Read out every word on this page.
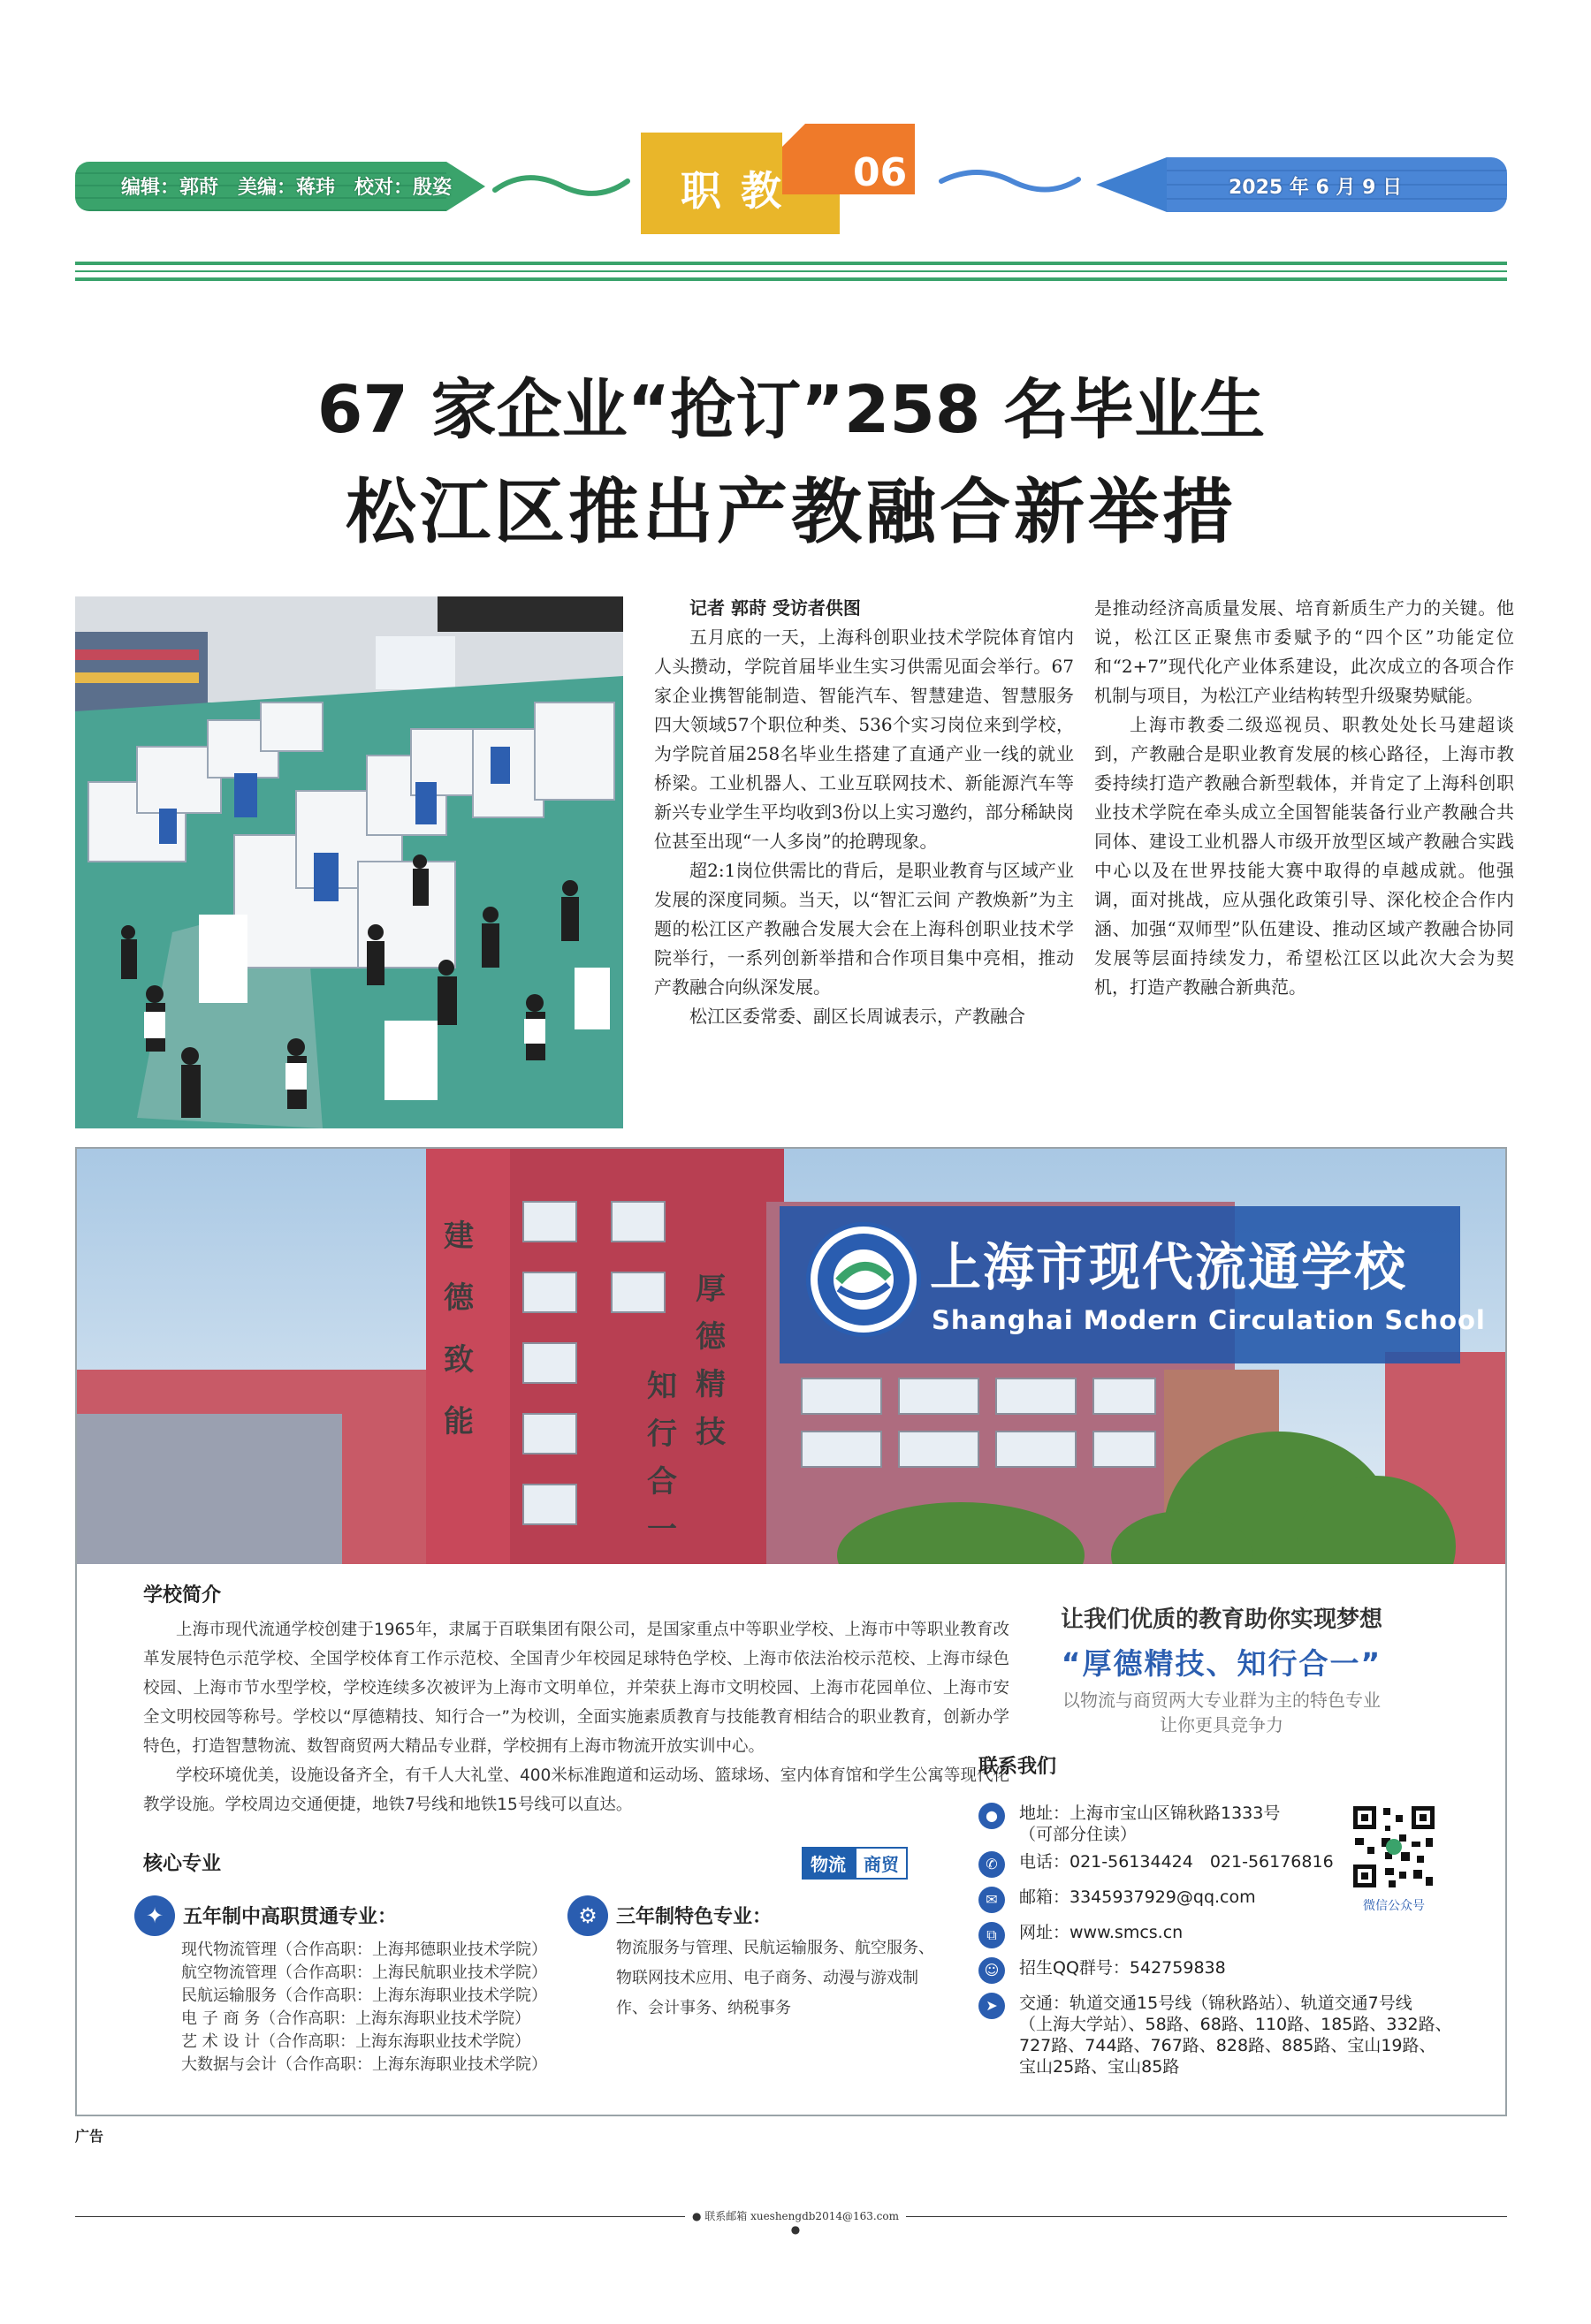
编辑：郭莳　美编：蒋玮　校对：殷姿	职教 06	2025 年 6 月 9 日
67 家企业“抢订”258 名毕业生
松江区推出产教融合新举措

记者 郭莳 受访者供图

五月底的一天，上海科创职业技术学院体育馆内人头攒动，学院首届毕业生实习供需见面会举行。67家企业携智能制造、智能汽车、智慧建造、智慧服务四大领域57个职位种类、536个实习岗位来到学校，为学院首届258名毕业生搭建了直通产业一线的就业桥梁。工业机器人、工业互联网技术、新能源汽车等新兴专业学生平均收到3份以上实习邀约，部分稀缺岗位甚至出现“一人多岗”的抢聘现象。

超2:1岗位供需比的背后，是职业教育与区域产业发展的深度同频。当天，以“智汇云间 产教焕新”为主题的松江区产教融合发展大会在上海科创职业技术学院举行，一系列创新举措和合作项目集中亮相，推动产教融合向纵深发展。

松江区委常委、副区长周诚表示，产教融合

是推动经济高质量发展、培育新质生产力的关键。他说，松江区正聚焦市委赋予的“四个区”功能定位和“2+7”现代化产业体系建设，此次成立的各项合作机制与项目，为松江产业结构转型升级聚势赋能。

上海市教委二级巡视员、职教处处长马建超谈到，产教融合是职业教育发展的核心路径，上海市教委持续打造产教融合新型载体，并肯定了上海科创职业技术学院在牵头成立全国智能装备行业产教融合共同体、建设工业机器人市级开放型区域产教融合实践中心以及在世界技能大赛中取得的卓越成就。他强调，面对挑战，应从强化政策引导、深化校企合作内涵、加强“双师型”队伍建设、推动区域产教融合协同发展等层面持续发力，希望松江区以此次大会为契机，打造产教融合新典范。

建德致能
厚德精技 知行合一
上海市现代流通学校
Shanghai Modern Circulation School
学校简介

上海市现代流通学校创建于1965年，隶属于百联集团有限公司，是国家重点中等职业学校、上海市中等职业教育改革发展特色示范学校、全国学校体育工作示范校、全国青少年校园足球特色学校、上海市依法治校示范校、上海市绿色校园、上海市节水型学校，学校连续多次被评为上海市文明单位，并荣获上海市文明校园、上海市花园单位、上海市安全文明校园等称号。学校以“厚德精技、知行合一”为校训，全面实施素质教育与技能教育相结合的职业教育，创新办学特色，打造智慧物流、数智商贸两大精品专业群，学校拥有上海市物流开放实训中心。

学校环境优美，设施设备齐全，有千人大礼堂、400米标准跑道和运动场、篮球场、室内体育馆和学生公寓等现代化教学设施。学校周边交通便捷，地铁7号线和地铁15号线可以直达。

核心专业	物流	商贸
✦ 五年制中高职贯通专业：
现代物流管理（合作高职：上海邦德职业技术学院）
航空物流管理（合作高职：上海民航职业技术学院）
民航运输服务（合作高职：上海东海职业技术学院）
电 子 商 务（合作高职：上海东海职业技术学院）
艺 术 设 计（合作高职：上海东海职业技术学院）
大数据与会计（合作高职：上海东海职业技术学院）
⚙ 三年制特色专业：
物流服务与管理、民航运输服务、航空服务、物联网技术应用、电子商务、动漫与游戏制作、会计事务、纳税事务
让我们优质的教育助你实现梦想
“厚德精技、知行合一”
以物流与商贸两大专业群为主的特色专业
让你更具竞争力
联系我们
●	地址：上海市宝山区锦秋路1333号
（可部分住读）
✆	电话：021-56134424　021-56176816
✉	邮箱：3345937929@qq.com
⧉	网址：www.smcs.cn
☺	招生QQ群号：542759838
➤	交通：轨道交通15号线（锦秋路站）、轨道交通7号线
（上海大学站）、58路、68路、110路、185路、332路、
727路、744路、767路、828路、885路、宝山19路、
宝山25路、宝山85路
微信公众号
广告
● 联系邮箱 xueshengdb2014@163.com ●
